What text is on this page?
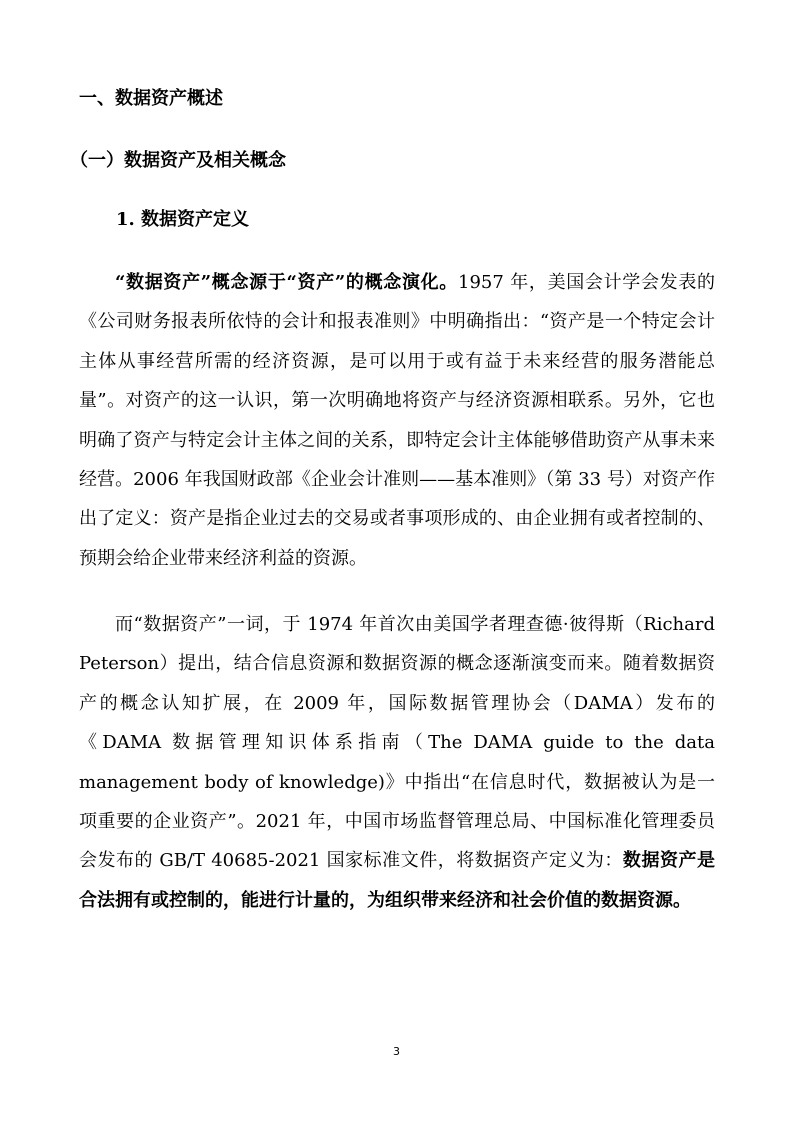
一、数据资产概述
（一）数据资产及相关概念
1. 数据资产定义

“数据资产”概念源于“资产”的概念演化。1957 年，美国会计学会发表的《公司财务报表所依恃的会计和报表准则》中明确指出：“资产是一个特定会计主体从事经营所需的经济资源，是可以用于或有益于未来经营的服务潜能总量”。对资产的这一认识，第一次明确地将资产与经济资源相联系。另外，它也明确了资产与特定会计主体之间的关系，即特定会计主体能够借助资产从事未来经营。2006 年我国财政部《企业会计准则——基本准则》（第 33 号）对资产作出了定义：资产是指企业过去的交易或者事项形成的、由企业拥有或者控制的、预期会给企业带来经济利益的资源。

而“数据资产”一词，于 1974 年首次由美国学者理查德·彼得斯（Richard Peterson）提出，结合信息资源和数据资源的概念逐渐演变而来。随着数据资产的概念认知扩展，在 2009 年，国际数据管理协会（DAMA）发布的《DAMA 数据管理知识体系指南（The DAMA guide to the data management body of knowledge)》中指出“在信息时代，数据被认为是一项重要的企业资产”。2021 年，中国市场监督管理总局、中国标准化管理委员会发布的 GB/T 40685-2021 国家标准文件，将数据资产定义为：数据资产是合法拥有或控制的，能进行计量的，为组织带来经济和社会价值的数据资源。

3
